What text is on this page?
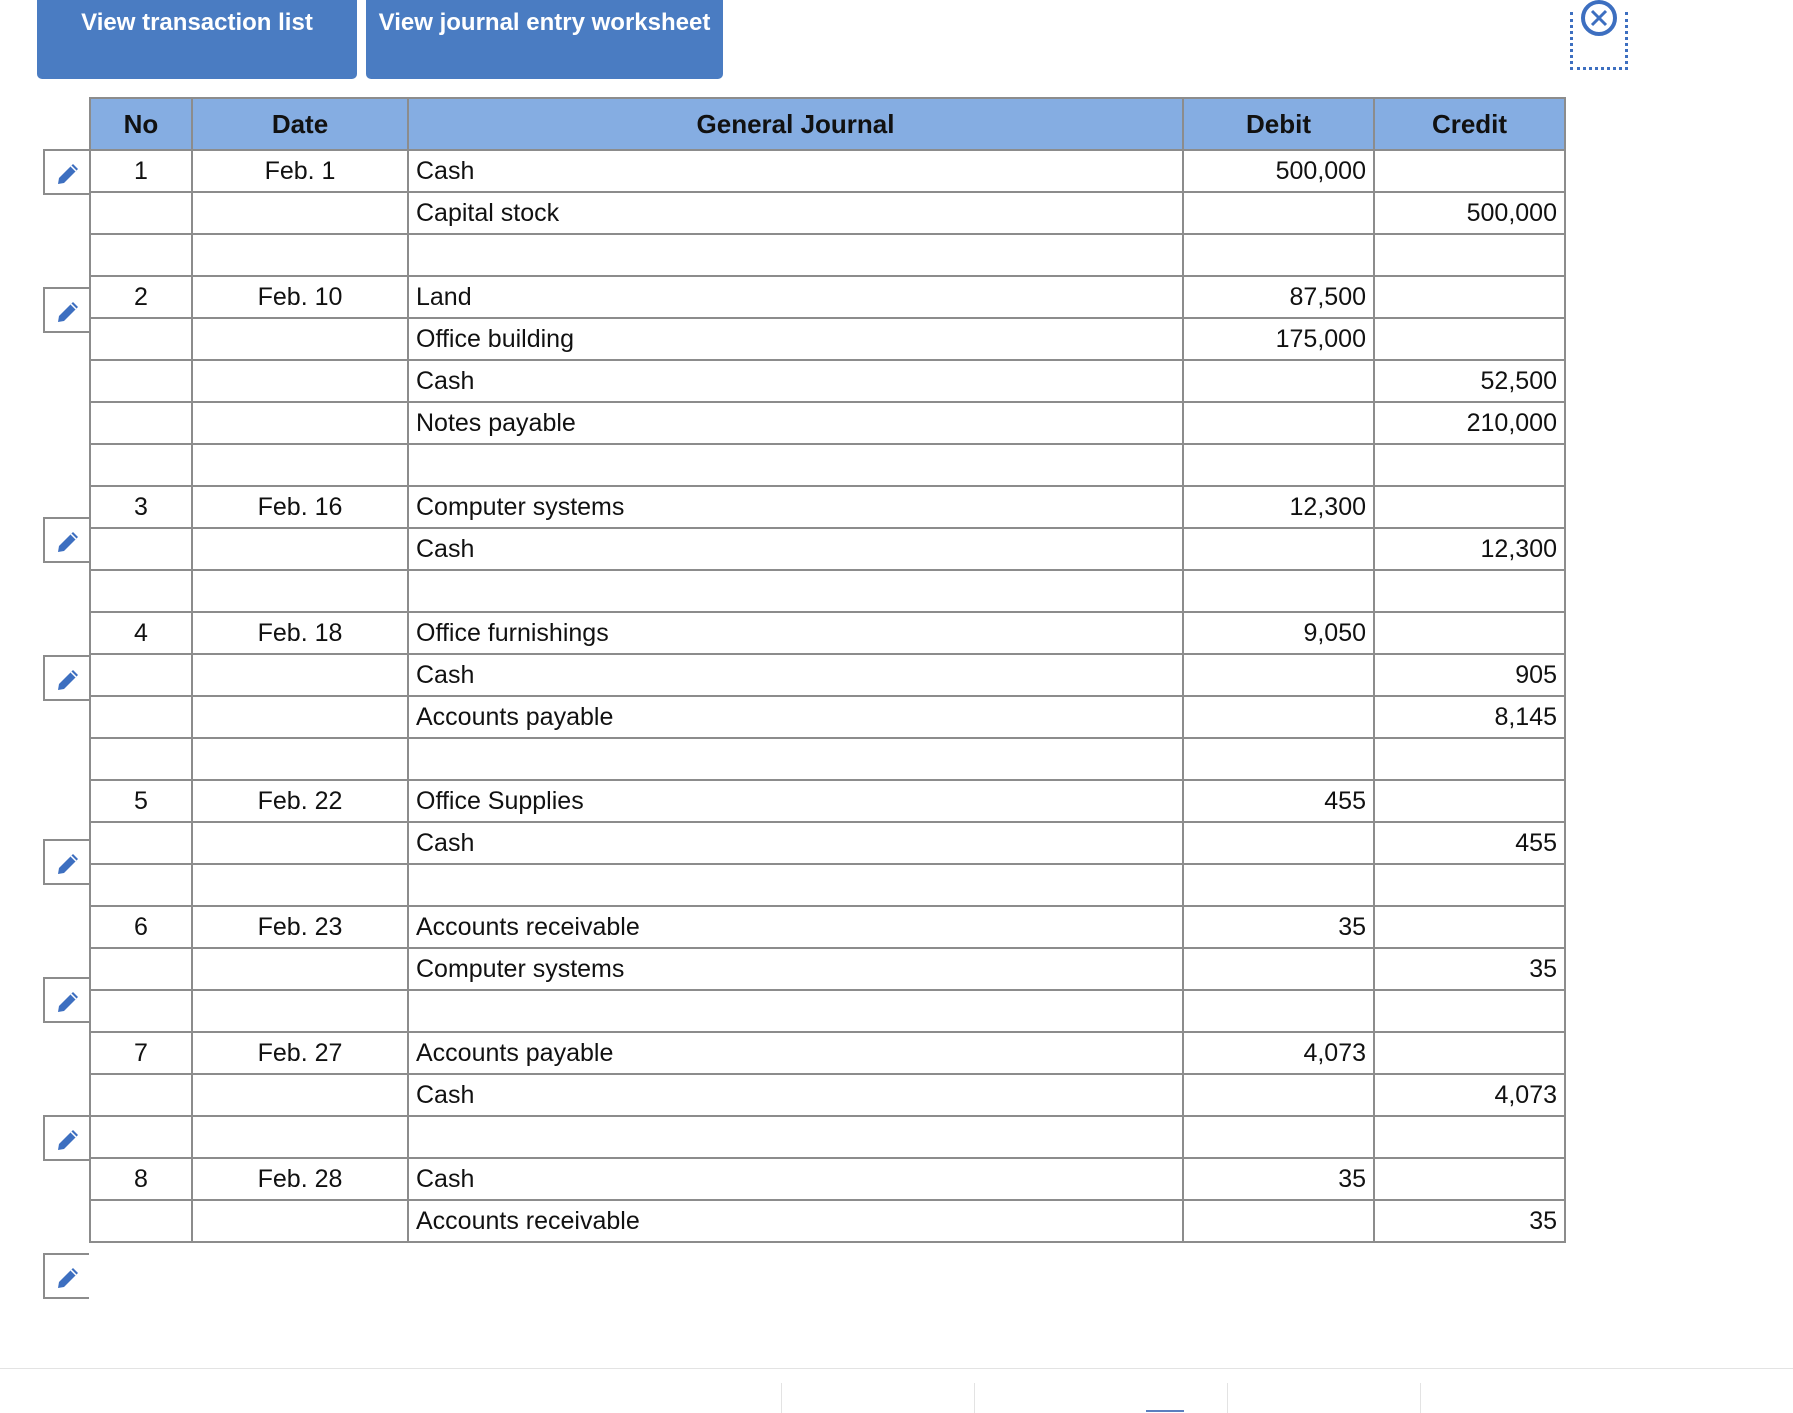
View transaction list	View journal entry worksheet
No	Date	General Journal	Debit	Credit
1	Feb. 1	Cash	500,000	
		Capital stock		500,000

2	Feb. 10	Land	87,500	
		Office building	175,000	
		Cash		52,500
		Notes payable		210,000

3	Feb. 16	Computer systems	12,300	
		Cash		12,300

4	Feb. 18	Office furnishings	9,050	
		Cash		905
		Accounts payable		8,145

5	Feb. 22	Office Supplies	455	
		Cash		455

6	Feb. 23	Accounts receivable	35	
		Computer systems		35

7	Feb. 27	Accounts payable	4,073	
		Cash		4,073

8	Feb. 28	Cash	35	
		Accounts receivable		35
